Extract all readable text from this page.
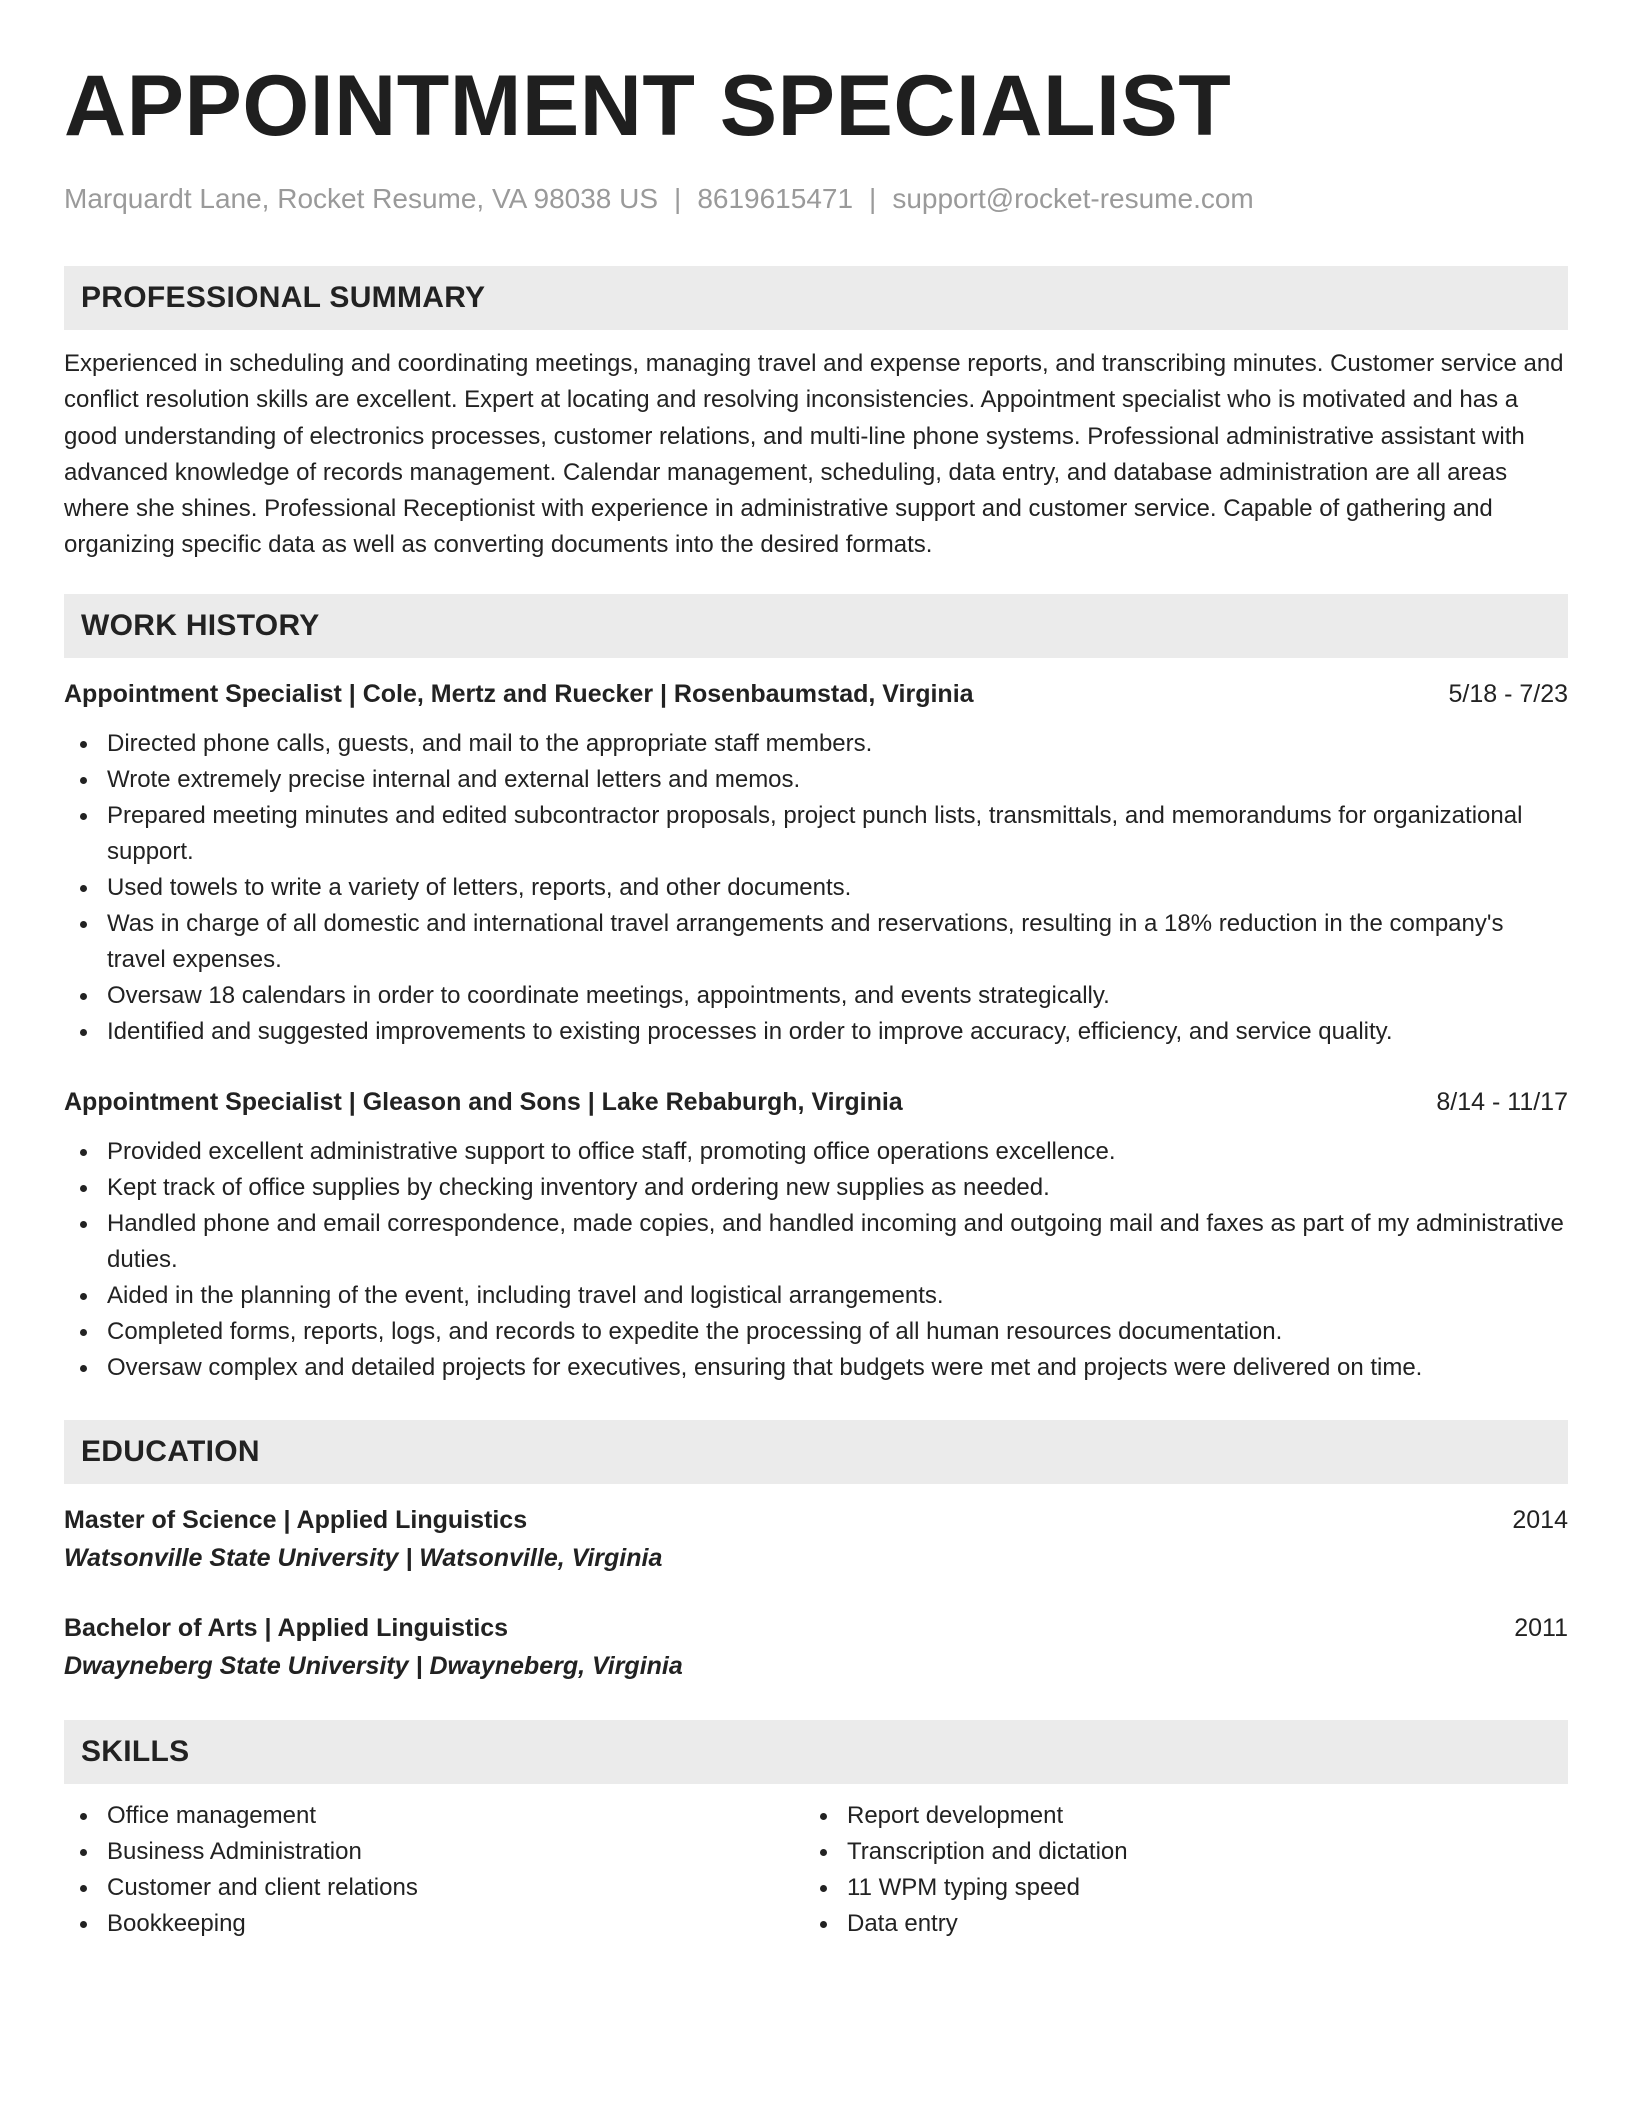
APPOINTMENT SPECIALIST
Marquardt Lane, Rocket Resume, VA 98038 US | 8619615471 | support@rocket-resume.com
PROFESSIONAL SUMMARY

Experienced in scheduling and coordinating meetings, managing travel and expense reports, and transcribing minutes. Customer service and conflict resolution skills are excellent. Expert at locating and resolving inconsistencies. Appointment specialist who is motivated and has a good understanding of electronics processes, customer relations, and multi-line phone systems. Professional administrative assistant with advanced knowledge of records management. Calendar management, scheduling, data entry, and database administration are all areas where she shines. Professional Receptionist with experience in administrative support and customer service. Capable of gathering and organizing specific data as well as converting documents into the desired formats.

WORK HISTORY
Appointment Specialist | Cole, Mertz and Ruecker | Rosenbaumstad, Virginia	5/18 - 7/23
Directed phone calls, guests, and mail to the appropriate staff members.
Wrote extremely precise internal and external letters and memos.
Prepared meeting minutes and edited subcontractor proposals, project punch lists, transmittals, and memorandums for organizational support.
Used towels to write a variety of letters, reports, and other documents.
Was in charge of all domestic and international travel arrangements and reservations, resulting in a 18% reduction in the company's travel expenses.
Oversaw 18 calendars in order to coordinate meetings, appointments, and events strategically.
Identified and suggested improvements to existing processes in order to improve accuracy, efficiency, and service quality.
Appointment Specialist | Gleason and Sons | Lake Rebaburgh, Virginia	8/14 - 11/17
Provided excellent administrative support to office staff, promoting office operations excellence.
Kept track of office supplies by checking inventory and ordering new supplies as needed.
Handled phone and email correspondence, made copies, and handled incoming and outgoing mail and faxes as part of my administrative duties.
Aided in the planning of the event, including travel and logistical arrangements.
Completed forms, reports, logs, and records to expedite the processing of all human resources documentation.
Oversaw complex and detailed projects for executives, ensuring that budgets were met and projects were delivered on time.
EDUCATION
Master of Science | Applied Linguistics	2014
Watsonville State University | Watsonville, Virginia
Bachelor of Arts | Applied Linguistics	2011
Dwayneberg State University | Dwayneberg, Virginia
SKILLS
Office management
Business Administration
Customer and client relations
Bookkeeping
Report development
Transcription and dictation
11 WPM typing speed
Data entry
